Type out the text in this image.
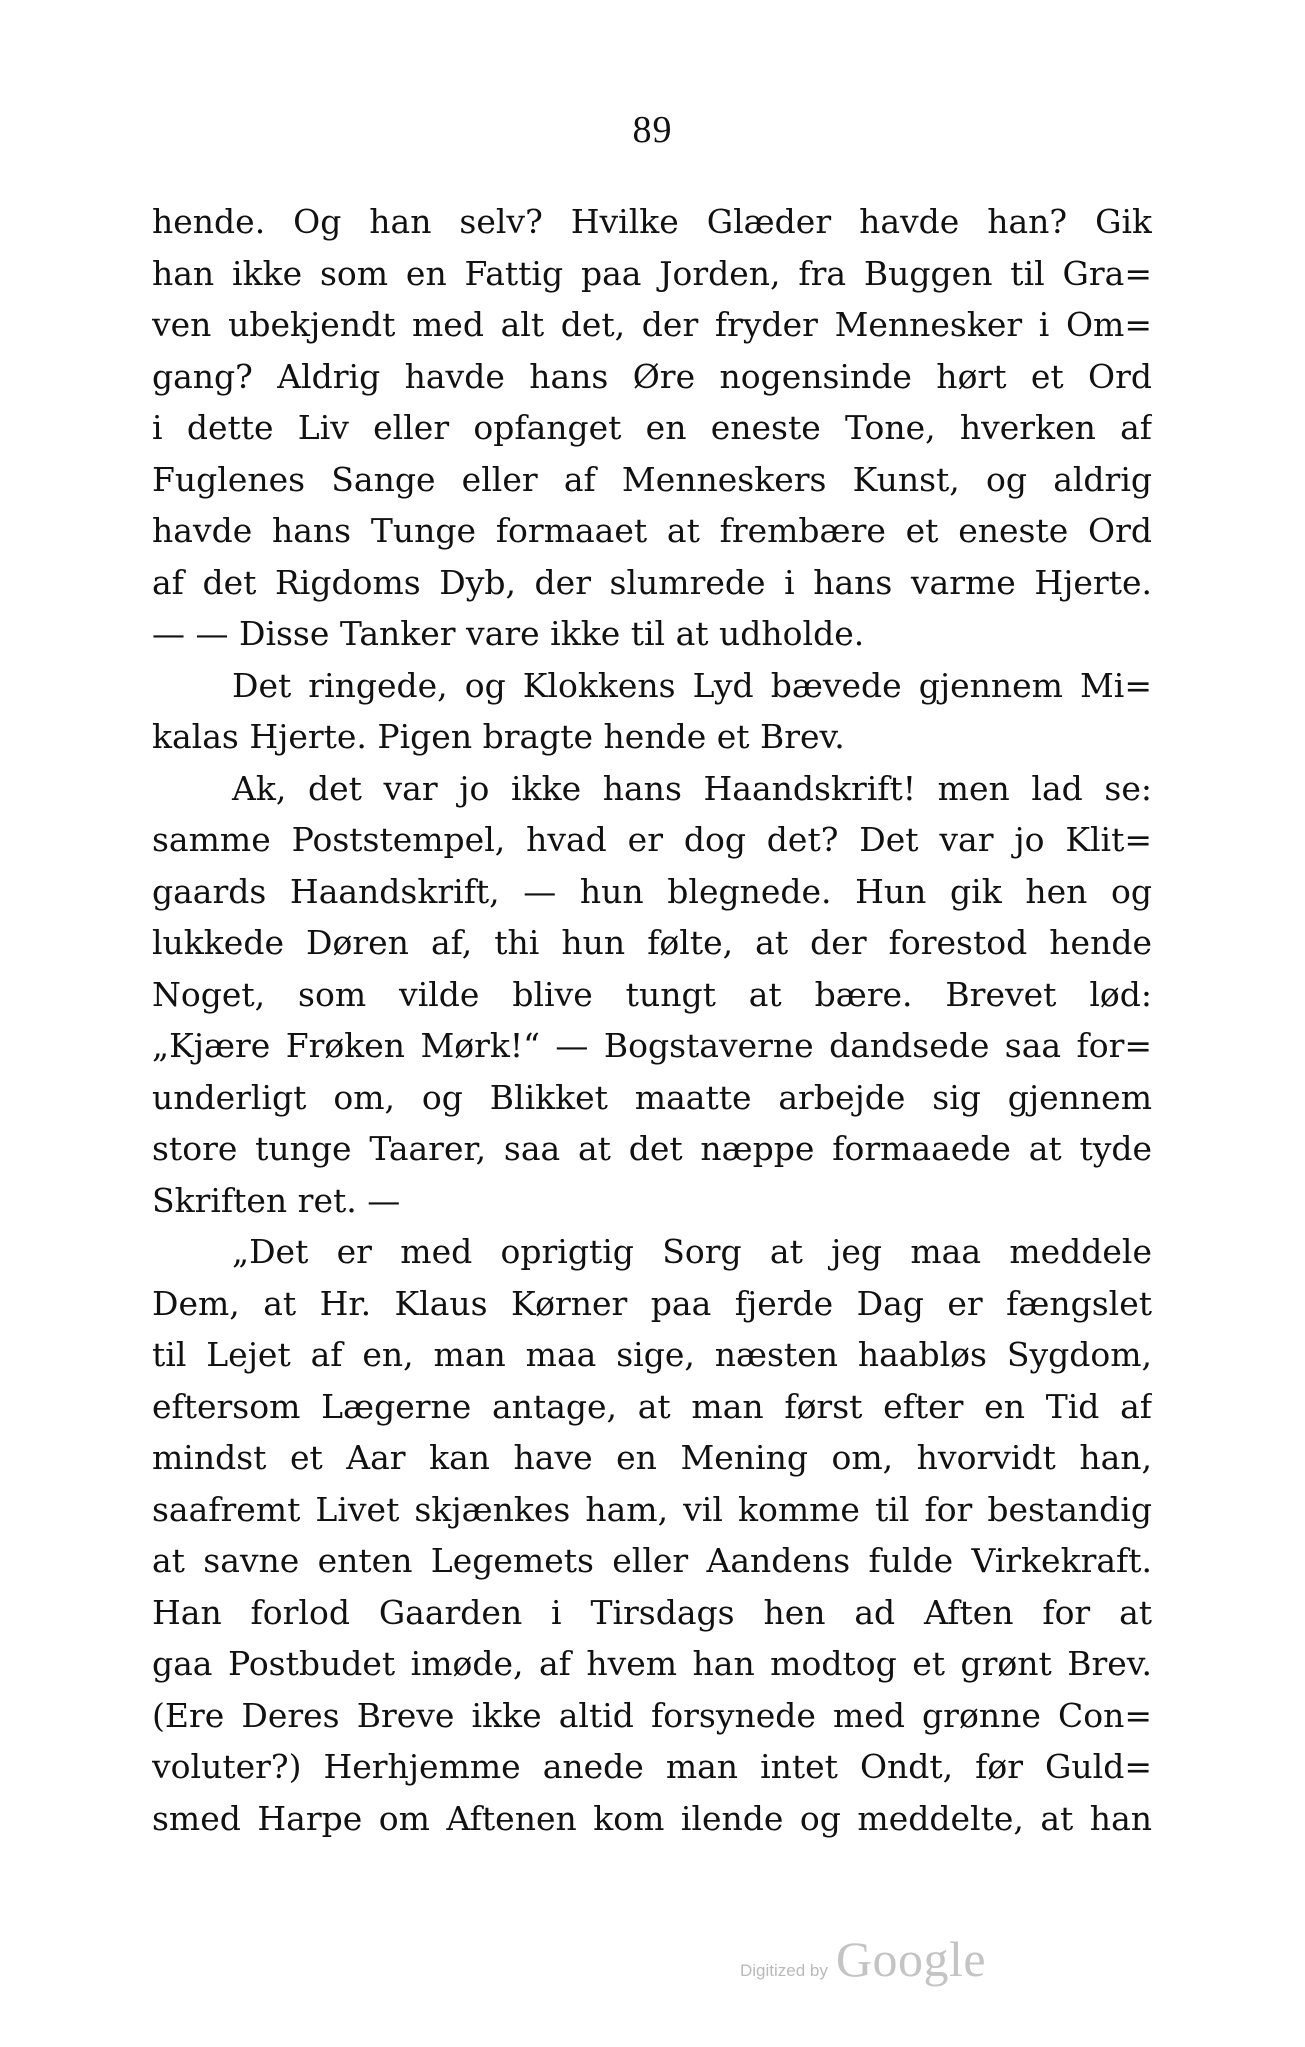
89
hende. Og han selv? Hvilke Glæder havde han? Gik
han ikke som en Fattig paa Jorden, fra Buggen til Gra=
ven ubekjendt med alt det, der fryder Mennesker i Om=
gang? Aldrig havde hans Øre nogensinde hørt et Ord
i dette Liv eller opfanget en eneste Tone, hverken af
Fuglenes Sange eller af Menneskers Kunst, og aldrig
havde hans Tunge formaaet at frembære et eneste Ord
af det Rigdoms Dyb, der slumrede i hans varme Hjerte.
— — Disse Tanker vare ikke til at udholde.
Det ringede, og Klokkens Lyd bævede gjennem Mi=
kalas Hjerte. Pigen bragte hende et Brev.
Ak, det var jo ikke hans Haandskrift! men lad se:
samme Poststempel, hvad er dog det? Det var jo Klit=
gaards Haandskrift, — hun blegnede. Hun gik hen og
lukkede Døren af, thi hun følte, at der forestod hende
Noget, som vilde blive tungt at bære. Brevet lød:
„Kjære Frøken Mørk!“ — Bogstaverne dandsede saa for=
underligt om, og Blikket maatte arbejde sig gjennem
store tunge Taarer, saa at det næppe formaaede at tyde
Skriften ret. —
„Det er med oprigtig Sorg at jeg maa meddele
Dem, at Hr. Klaus Kørner paa fjerde Dag er fængslet
til Lejet af en, man maa sige, næsten haabløs Sygdom,
eftersom Lægerne antage, at man først efter en Tid af
mindst et Aar kan have en Mening om, hvorvidt han,
saafremt Livet skjænkes ham, vil komme til for bestandig
at savne enten Legemets eller Aandens fulde Virkekraft.
Han forlod Gaarden i Tirsdags hen ad Aften for at
gaa Postbudet imøde, af hvem han modtog et grønt Brev.
(Ere Deres Breve ikke altid forsynede med grønne Con=
voluter?) Herhjemme anede man intet Ondt, før Guld=
smed Harpe om Aftenen kom ilende og meddelte, at han
Digitized by Google
